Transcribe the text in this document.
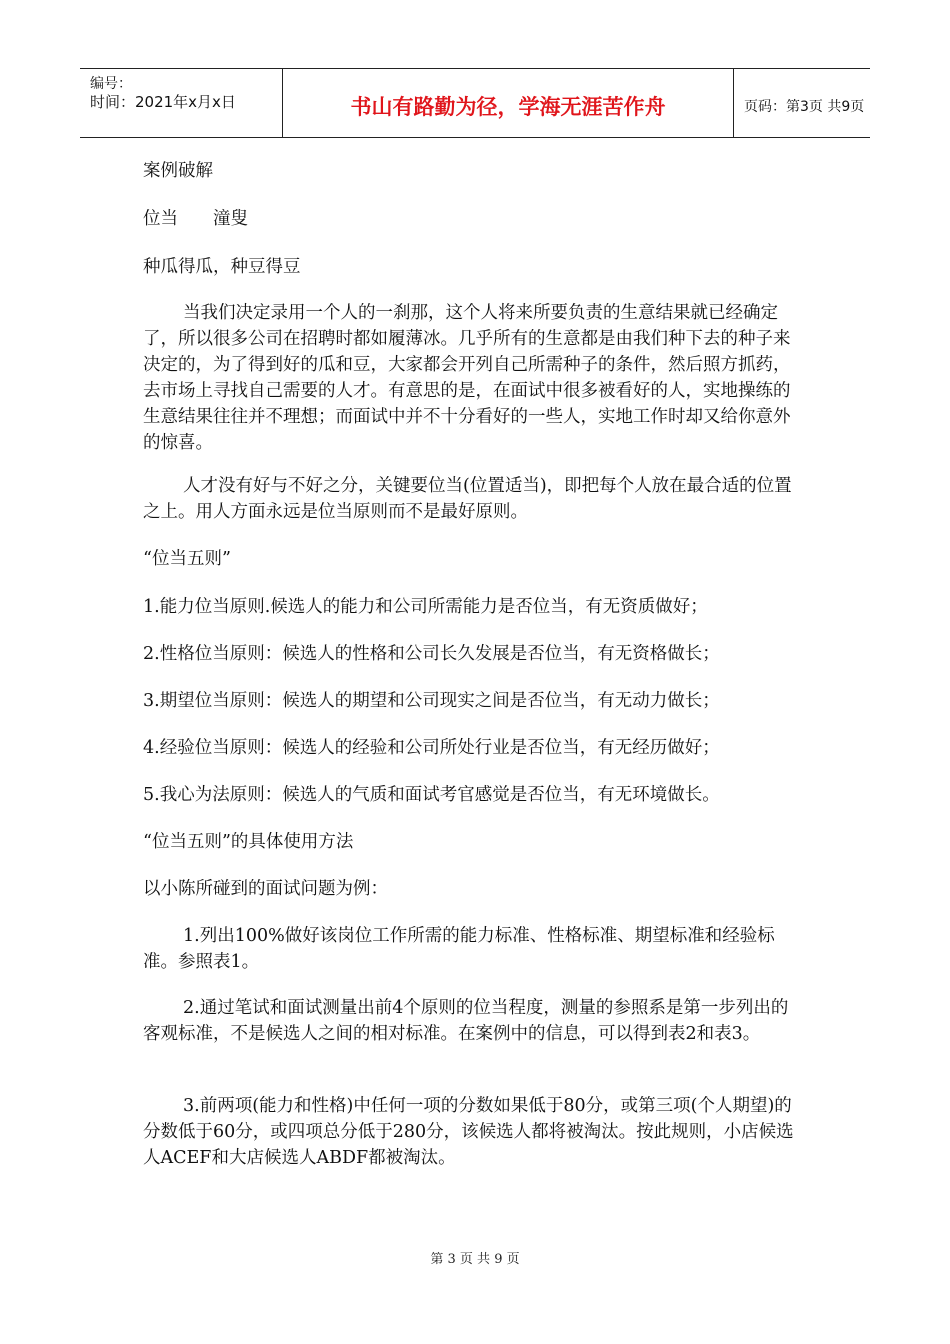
编号：
时间：2021年x月x日	书山有路勤为径，学海无涯苦作舟	页码：第3页 共9页

案例破解

位当　　潼叟

种瓜得瓜，种豆得豆

当我们决定录用一个人的一刹那，这个人将来所要负责的生意结果就已经确定了，所以很多公司在招聘时都如履薄冰。几乎所有的生意都是由我们种下去的种子来决定的，为了得到好的瓜和豆，大家都会开列自己所需种子的条件，然后照方抓药，去市场上寻找自己需要的人才。有意思的是，在面试中很多被看好的人，实地操练的生意结果往往并不理想；而面试中并不十分看好的一些人，实地工作时却又给你意外的惊喜。

人才没有好与不好之分，关键要位当(位置适当)，即把每个人放在最合适的位置之上。用人方面永远是位当原则而不是最好原则。

“位当五则”

1.能力位当原则.候选人的能力和公司所需能力是否位当，有无资质做好；

2.性格位当原则：候选人的性格和公司长久发展是否位当，有无资格做长；

3.期望位当原则：候选人的期望和公司现实之间是否位当，有无动力做长；

4.经验位当原则：候选人的经验和公司所处行业是否位当，有无经历做好；

5.我心为法原则：候选人的气质和面试考官感觉是否位当，有无环境做长。

“位当五则”的具体使用方法

以小陈所碰到的面试问题为例：

1.列出100%做好该岗位工作所需的能力标准、性格标准、期望标准和经验标准。参照表1。

2.通过笔试和面试测量出前4个原则的位当程度，测量的参照系是第一步列出的客观标准，不是候选人之间的相对标准。在案例中的信息，可以得到表2和表3。

3.前两项(能力和性格)中任何一项的分数如果低于80分，或第三项(个人期望)的分数低于60分，或四项总分低于280分，该候选人都将被淘汰。按此规则，小店候选人ACEF和大店候选人ABDF都被淘汰。

第 3 页 共 9 页
